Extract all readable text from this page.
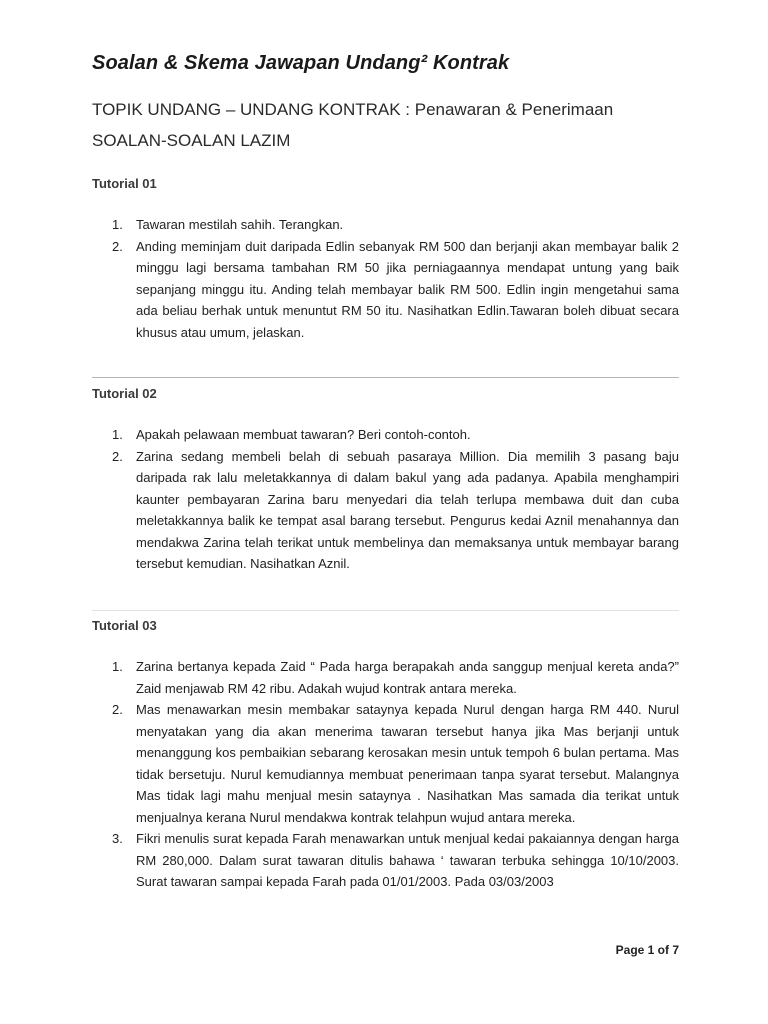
Soalan & Skema Jawapan Undang² Kontrak
TOPIK UNDANG – UNDANG KONTRAK : Penawaran & Penerimaan
SOALAN-SOALAN LAZIM
Tutorial 01
1.	Tawaran mestilah sahih. Terangkan.
2.	Anding meminjam duit daripada Edlin sebanyak RM 500 dan berjanji akan membayar balik 2 minggu lagi bersama tambahan RM 50 jika perniagaannya mendapat untung yang baik sepanjang minggu itu. Anding telah membayar balik RM 500. Edlin ingin mengetahui sama ada beliau berhak untuk menuntut RM 50 itu. Nasihatkan Edlin.Tawaran boleh dibuat secara khusus atau umum, jelaskan.
Tutorial 02
1.	Apakah pelawaan membuat tawaran? Beri contoh-contoh.
2.	Zarina sedang membeli belah di sebuah pasaraya Million. Dia memilih 3 pasang baju daripada rak lalu meletakkannya di dalam bakul yang ada padanya. Apabila menghampiri kaunter pembayaran Zarina baru menyedari dia telah terlupa membawa duit dan cuba meletakkannya balik ke tempat asal barang tersebut. Pengurus kedai Aznil menahannya dan mendakwa Zarina telah terikat untuk membelinya dan memaksanya untuk membayar barang tersebut kemudian. Nasihatkan Aznil.
Tutorial 03
1.	Zarina bertanya kepada Zaid “ Pada harga berapakah anda sanggup menjual kereta anda?” Zaid menjawab RM 42 ribu. Adakah wujud kontrak antara mereka.
2.	Mas menawarkan mesin membakar sataynya kepada Nurul dengan harga RM 440. Nurul menyatakan yang dia akan menerima tawaran tersebut hanya jika Mas berjanji untuk menanggung kos pembaikian sebarang kerosakan mesin untuk tempoh 6 bulan pertama. Mas tidak bersetuju. Nurul kemudiannya membuat penerimaan tanpa syarat tersebut. Malangnya Mas tidak lagi mahu menjual mesin sataynya . Nasihatkan Mas samada dia terikat untuk menjualnya kerana Nurul mendakwa kontrak telahpun wujud antara mereka.
3.	Fikri menulis surat kepada Farah menawarkan untuk menjual kedai pakaiannya dengan harga RM 280,000. Dalam surat tawaran ditulis bahawa ‘ tawaran terbuka sehingga 10/10/2003. Surat tawaran sampai kepada Farah pada 01/01/2003. Pada 03/03/2003
Page 1 of 7
